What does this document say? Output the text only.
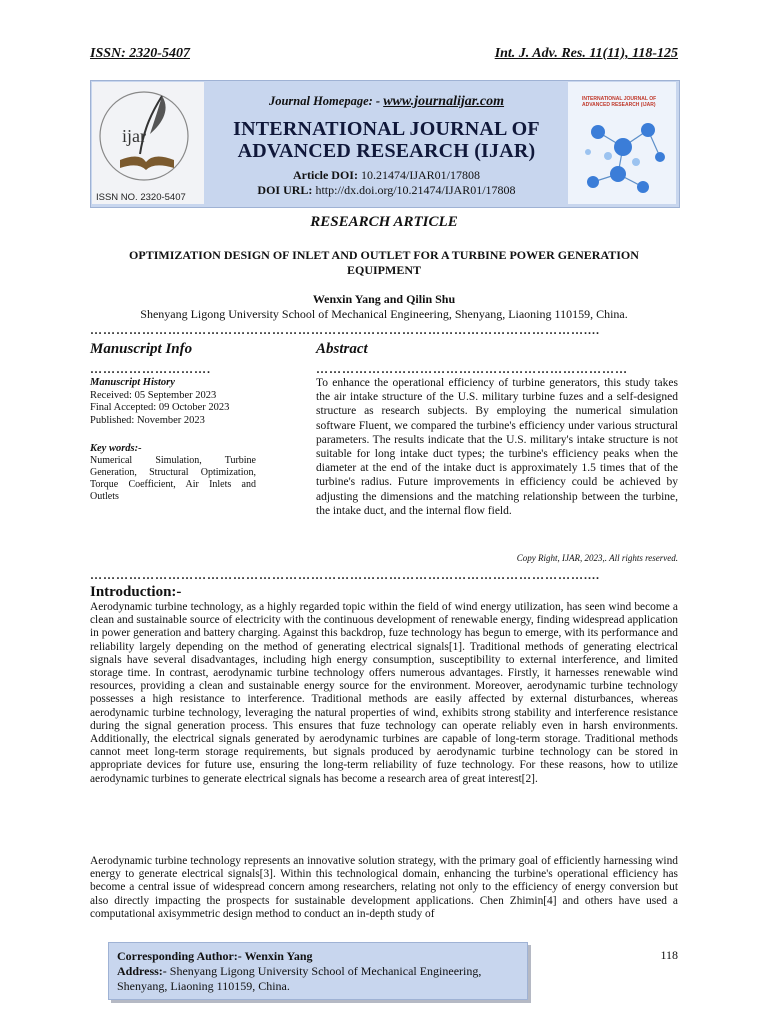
ISSN: 2320-5407	Int. J. Adv. Res. 11(11), 118-125
ijar
ISSN NO. 2320-5407
INTERNATIONAL JOURNAL OF ADVANCED RESEARCH (IJAR)
Journal Homepage: - www.journalijar.com
INTERNATIONAL JOURNAL OF
ADVANCED RESEARCH (IJAR)
Article DOI: 10.21474/IJAR01/17808
DOI URL: http://dx.doi.org/10.21474/IJAR01/17808
RESEARCH ARTICLE
OPTIMIZATION DESIGN OF INLET AND OUTLET FOR A TURBINE POWER GENERATION EQUIPMENT
Wenxin Yang and Qilin Shu
Shenyang Ligong University School of Mechanical Engineering, Shenyang, Liaoning 110159, China.
……………………………………………………………………………………………………....
Manuscript Info	Abstract
……………………….	………………………………………………………………
Manuscript History
Received: 05 September 2023
Final Accepted: 09 October 2023
Published: November 2023
Key words:-
Numerical Simulation, Turbine Generation, Structural Optimization, Torque Coefficient, Air Inlets and Outlets
To enhance the operational efficiency of turbine generators, this study takes the air intake structure of the U.S. military turbine fuzes and a self-designed structure as research subjects. By employing the numerical simulation software Fluent, we compared the turbine's efficiency under various structural parameters. The results indicate that the U.S. military's intake structure is not suitable for long intake duct types; the turbine's efficiency peaks when the diameter at the end of the intake duct is approximately 1.5 times that of the turbine's radius. Future improvements in efficiency could be achieved by adjusting the dimensions and the matching relationship between the turbine, the intake duct, and the internal flow field.
Copy Right, IJAR, 2023,. All rights reserved.
……………………………………………………………………………………………………....
Introduction:-
Aerodynamic turbine technology, as a highly regarded topic within the field of wind energy utilization, has seen wind become a clean and sustainable source of electricity with the continuous development of renewable energy, finding widespread application in power generation and battery charging. Against this backdrop, fuze technology has begun to emerge, with its performance and reliability largely depending on the method of generating electrical signals[1]. Traditional methods of generating electrical signals have several disadvantages, including high energy consumption, susceptibility to external interference, and limited storage time. In contrast, aerodynamic turbine technology offers numerous advantages. Firstly, it harnesses renewable wind resources, providing a clean and sustainable energy source for the environment. Moreover, aerodynamic turbine technology possesses a high resistance to interference. Traditional methods are easily affected by external disturbances, whereas aerodynamic turbine technology, leveraging the natural properties of wind, exhibits strong stability and interference resistance during the signal generation process. This ensures that fuze technology can operate reliably even in harsh environments. Additionally, the electrical signals generated by aerodynamic turbines are capable of long-term storage. Traditional methods cannot meet long-term storage requirements, but signals produced by aerodynamic turbine technology can be stored in appropriate devices for future use, ensuring the long-term reliability of fuze technology. For these reasons, how to utilize aerodynamic turbines to generate electrical signals has become a research area of great interest[2].
Aerodynamic turbine technology represents an innovative solution strategy, with the primary goal of efficiently harnessing wind energy to generate electrical signals[3]. Within this technological domain, enhancing the turbine's operational efficiency has become a central issue of widespread concern among researchers, relating not only to the efficiency of energy conversion but also directly impacting the prospects for sustainable development applications. Chen Zhimin[4] and others have used a computational axisymmetric design method to conduct an in-depth study of
Corresponding Author:- Wenxin Yang
Address:- Shenyang Ligong University School of Mechanical Engineering, Shenyang, Liaoning 110159, China.
118
